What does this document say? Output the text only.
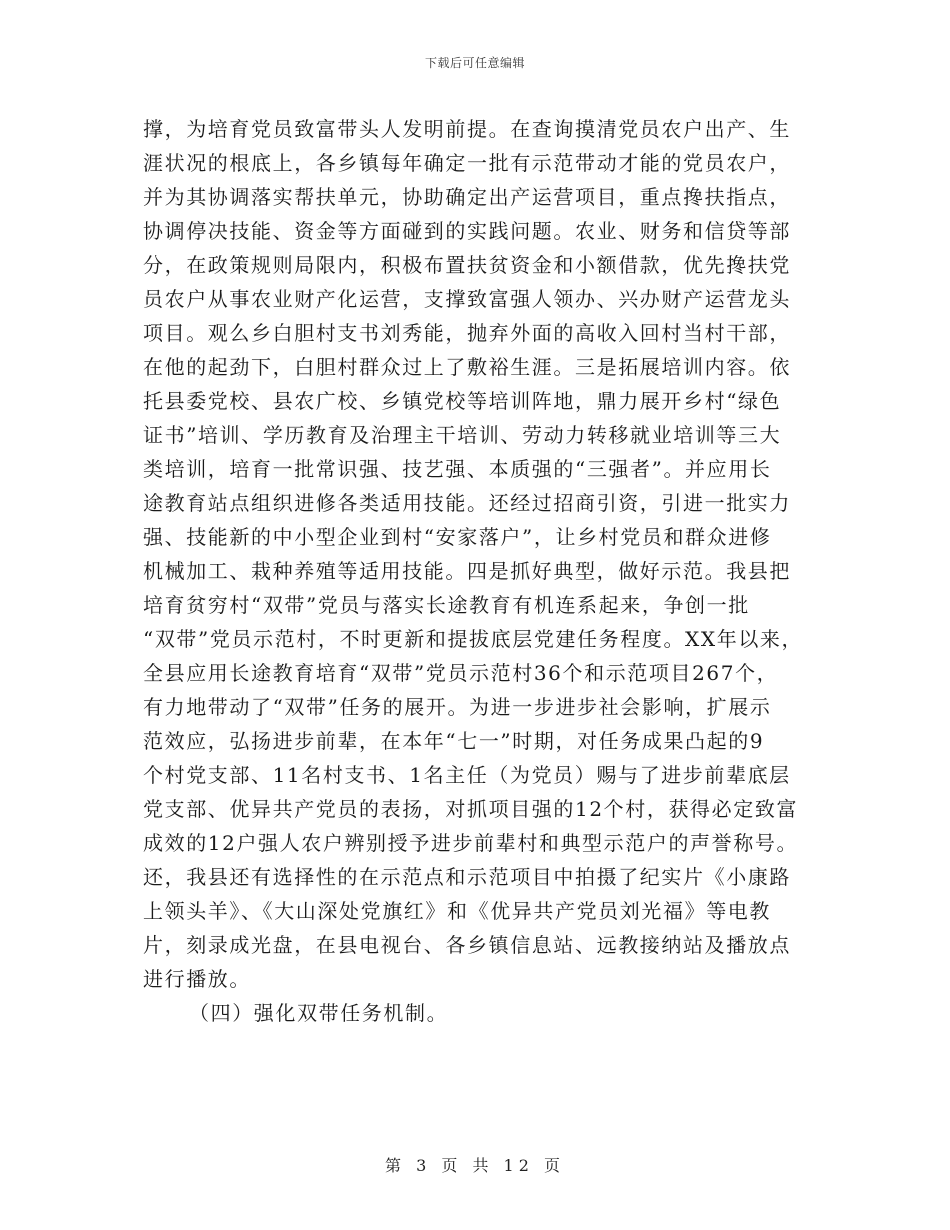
下载后可任意编辑
撑，为培育党员致富带头人发明前提。在查询摸清党员农户出产、生
涯状况的根底上，各乡镇每年确定一批有示范带动才能的党员农户，
并为其协调落实帮扶单元，协助确定出产运营项目，重点搀扶指点，
协调停决技能、资金等方面碰到的实践问题。农业、财务和信贷等部
分，在政策规则局限内，积极布置扶贫资金和小额借款，优先搀扶党
员农户从事农业财产化运营，支撑致富强人领办、兴办财产运营龙头
项目。观么乡白胆村支书刘秀能，抛弃外面的高收入回村当村干部，
在他的起劲下，白胆村群众过上了敷裕生涯。三是拓展培训内容。依
托县委党校、县农广校、乡镇党校等培训阵地，鼎力展开乡村“绿色
证书”培训、学历教育及治理主干培训、劳动力转移就业培训等三大
类培训，培育一批常识强、技艺强、本质强的“三强者”。并应用长
途教育站点组织进修各类适用技能。还经过招商引资，引进一批实力
强、技能新的中小型企业到村“安家落户”，让乡村党员和群众进修
机械加工、栽种养殖等适用技能。四是抓好典型，做好示范。我县把
培育贫穷村“双带”党员与落实长途教育有机连系起来，争创一批
“双带”党员示范村，不时更新和提拔底层党建任务程度。XX年以来，
全县应用长途教育培育“双带”党员示范村36个和示范项目267个，
有力地带动了“双带”任务的展开。为进一步进步社会影响，扩展示
范效应，弘扬进步前辈，在本年“七一”时期，对任务成果凸起的9
个村党支部、11名村支书、1名主任（为党员）赐与了进步前辈底层
党支部、优异共产党员的表扬，对抓项目强的12个村，获得必定致富
成效的12户强人农户辨别授予进步前辈村和典型示范户的声誉称号。
还，我县还有选择性的在示范点和示范项目中拍摄了纪实片《小康路
上领头羊》、《大山深处党旗红》和《优异共产党员刘光福》等电教
片，刻录成光盘，在县电视台、各乡镇信息站、远教接纳站及播放点
进行播放。
（四）强化双带任务机制。
第 3 页 共 12 页
